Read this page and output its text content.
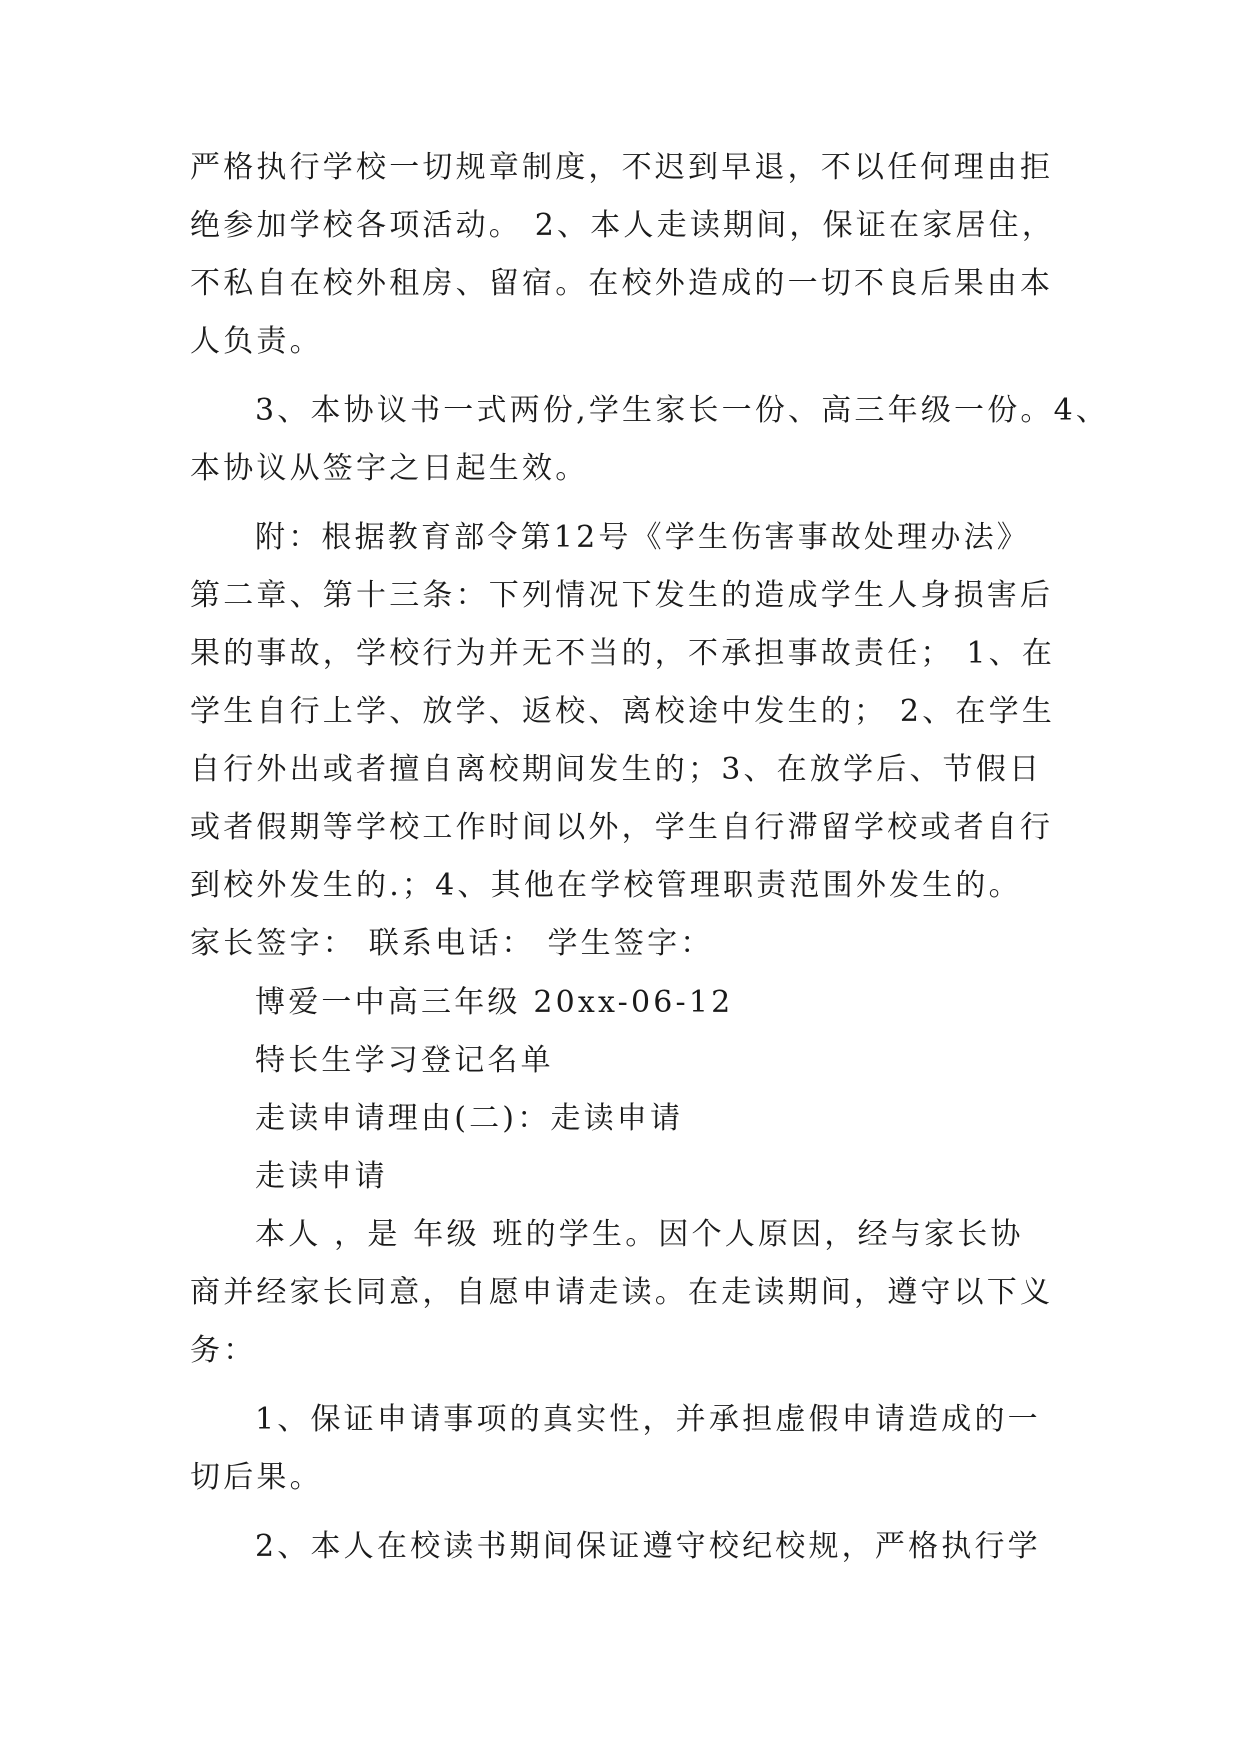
严格执行学校一切规章制度，不迟到早退，不以任何理由拒
绝参加学校各项活动。 2、本人走读期间，保证在家居住，
不私自在校外租房、留宿。在校外造成的一切不良后果由本
人负责。
3、本协议书一式两份,学生家长一份、高三年级一份。4、
本协议从签字之日起生效。
附：根据教育部令第12号《学生伤害事故处理办法》
第二章、第十三条：下列情况下发生的造成学生人身损害后
果的事故，学校行为并无不当的，不承担事故责任； 1、在
学生自行上学、放学、返校、离校途中发生的； 2、在学生
自行外出或者擅自离校期间发生的；3、在放学后、节假日
或者假期等学校工作时间以外，学生自行滞留学校或者自行
到校外发生的.；4、其他在学校管理职责范围外发生的。
家长签字： 联系电话： 学生签字：
博爱一中高三年级 20xx-06-12
特长生学习登记名单
走读申请理由(二)：走读申请
走读申请
本人 ，是 年级 班的学生。因个人原因，经与家长协
商并经家长同意，自愿申请走读。在走读期间，遵守以下义
务：
1、保证申请事项的真实性，并承担虚假申请造成的一
切后果。
2、本人在校读书期间保证遵守校纪校规，严格执行学
